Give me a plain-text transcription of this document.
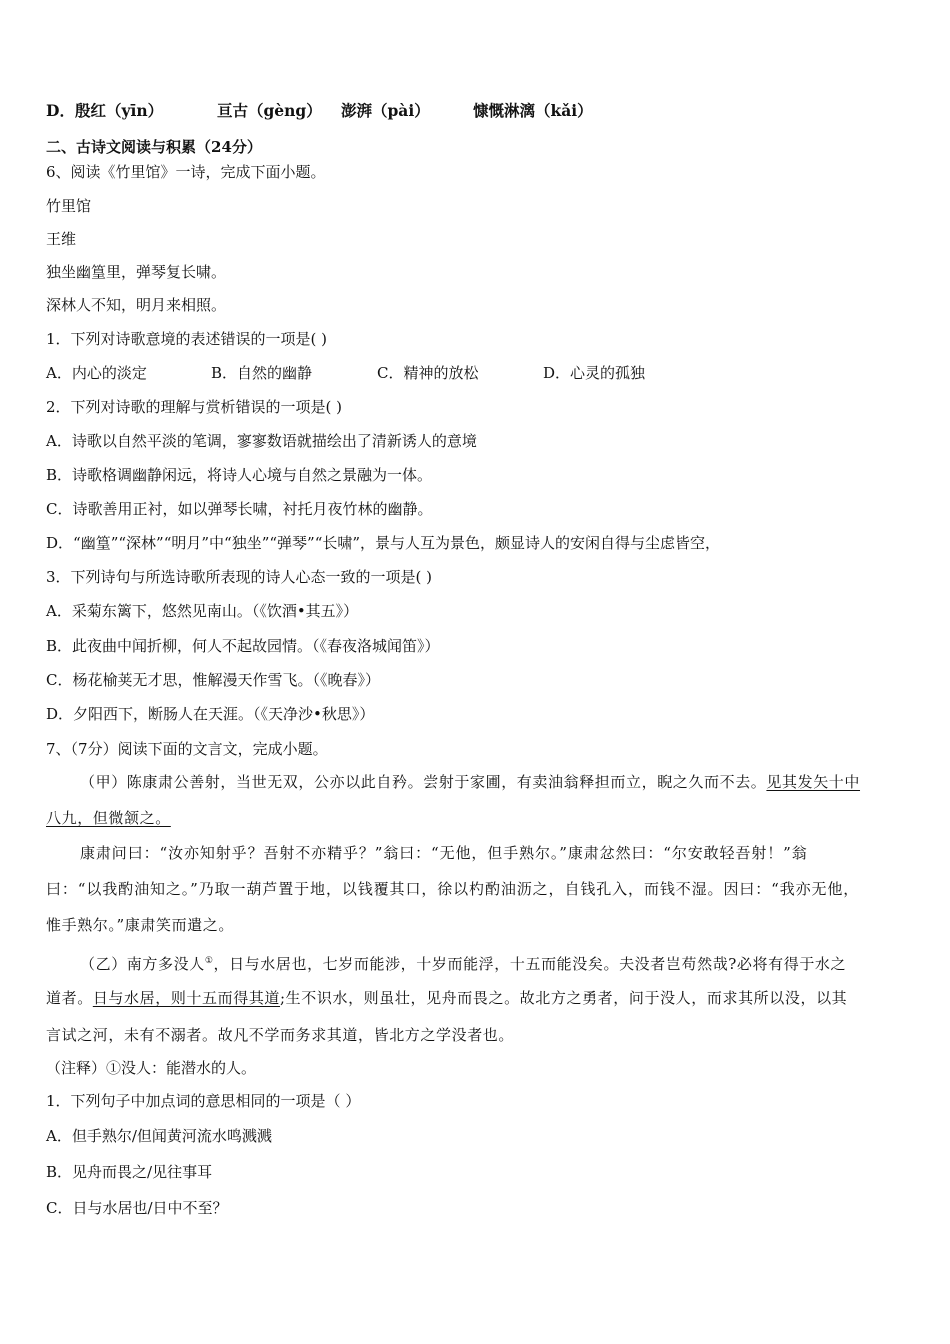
D．殷红（yīn）	亘古（gèng） 澎湃（pài）	慷慨淋漓（kǎi）
二、古诗文阅读与积累（24分）
6、阅读《竹里馆》一诗，完成下面小题。
竹里馆
王维
独坐幽篁里，弹琴复长啸。
深林人不知，明月来相照。
1．下列对诗歌意境的表述错误的一项是( )
A．内心的淡定	B．自然的幽静	C．精神的放松	D．心灵的孤独
2．下列对诗歌的理解与赏析错误的一项是( )
A．诗歌以自然平淡的笔调，寥寥数语就描绘出了清新诱人的意境
B．诗歌格调幽静闲远，将诗人心境与自然之景融为一体。
C．诗歌善用正衬，如以弹琴长啸，衬托月夜竹林的幽静。
D．“幽篁”“深林”“明月”中“独坐”“弹琴”“长啸”，景与人互为景色，颇显诗人的安闲自得与尘虑皆空，
3．下列诗句与所选诗歌所表现的诗人心态一致的一项是( )
A．采菊东篱下，悠然见南山。（《饮酒•其五》）
B．此夜曲中闻折柳，何人不起故园情。（《春夜洛城闻笛》）
C．杨花榆荚无才思，惟解漫天作雪飞。（《晚春》）
D．夕阳西下，断肠人在天涯。（《天净沙•秋思》）
7、（7分）阅读下面的文言文，完成小题。
（甲）陈康肃公善射，当世无双，公亦以此自矜。尝射于家圃，有卖油翁释担而立，睨之久而不去。见其发矢十中
八九，但微颔之。
康肃问曰：“汝亦知射乎？吾射不亦精乎？”翁曰：“无他，但手熟尔。”康肃忿然曰：“尔安敢轻吾射！”翁
曰：“以我酌油知之。”乃取一葫芦置于地，以钱覆其口，徐以杓酌油沥之，自钱孔入，而钱不湿。因曰：“我亦无他，
惟手熟尔。”康肃笑而遣之。
（乙）南方多没人①，日与水居也，七岁而能涉，十岁而能浮，十五而能没矣。夫没者岂苟然哉?必将有得于水之
道者。日与水居，则十五而得其道;生不识水，则虽壮，见舟而畏之。故北方之勇者，问于没人，而求其所以没，以其
言试之河，未有不溺者。故凡不学而务求其道，皆北方之学没者也。
（注释）①没人：能潜水的人。
1．下列句子中加点词的意思相同的一项是（ ）
A．但手熟尔/但闻黄河流水鸣溅溅
B．见舟而畏之/见往事耳
C．日与水居也/日中不至？
